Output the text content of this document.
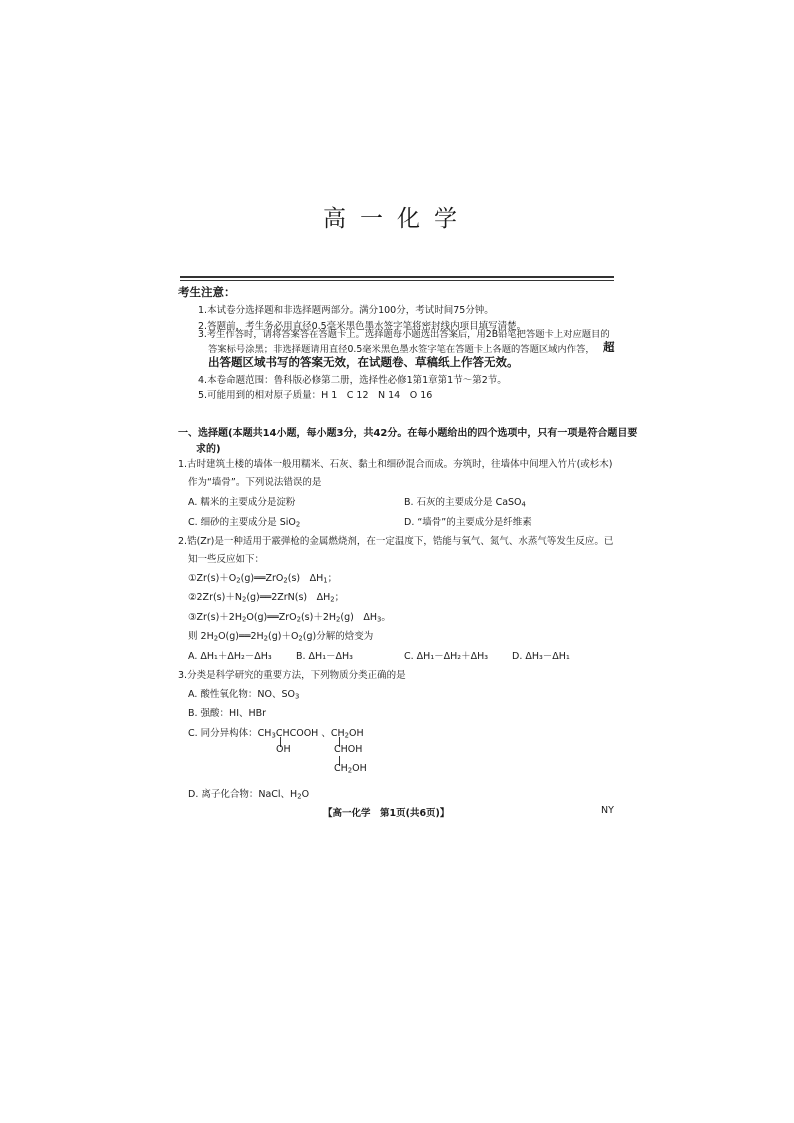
高一化学
考生注意：
1.本试卷分选择题和非选择题两部分。满分100分，考试时间75分钟。
2.答题前，考生务必用直径0.5毫米黑色墨水签字笔将密封线内项目填写清楚。
3.考生作答时，请将答案答在答题卡上。选择题每小题选出答案后，用2B铅笔把答题卡上对应题目的
答案标号涂黑；非选择题请用直径0.5毫米黑色墨水签字笔在答题卡上各题的答题区域内作答， 超
出答题区域书写的答案无效，在试题卷、草稿纸上作答无效。
4.本卷命题范围：鲁科版必修第二册，选择性必修1第1章第1节～第2节。
5.可能用到的相对原子质量：H 1　C 12　N 14　O 16
一、选择题(本题共14小题，每小题3分，共42分。在每小题给出的四个选项中，只有一项是符合题目要
求的)
1.古时建筑土楼的墙体一般用糯米、石灰、黏土和细砂混合而成。夯筑时，往墙体中间埋入竹片(或杉木)
作为“墙骨”。下列说法错误的是
A. 糯米的主要成分是淀粉	B. 石灰的主要成分是 CaSO$_4$
C. 细砂的主要成分是 SiO$_2$	D. “墙骨”的主要成分是纤维素
2.锆(Zr)是一种适用于霰弹枪的金属燃烧剂，在一定温度下，锆能与氧气、氮气、水蒸气等发生反应。已
知一些反应如下：
$①Zr(s)+O_2(g)══ZrO_2(s)$　$\Delta H_1$；
$②2Zr(s)+N_2(g)══2ZrN(s)$　$\Delta H_2$；
$③Zr(s)+2H_2O(g)══ZrO_2(s)+2H_2(g)$　$\Delta H_3$。
则 $2H_2O(g)══2H_2(g)+O_2(g)$分解的焓变为
A. ΔH₁＋ΔH₂－ΔH₃	B. ΔH₁－ΔH₃	C. ΔH₁－ΔH₂＋ΔH₃	D. ΔH₃－ΔH₁
3.分类是科学研究的重要方法，下列物质分类正确的是
A. 酸性氧化物：NO、$SO_3$
B. 强酸：HI、HBr
C. 同分异构体：$CH_3CHCOOH$ 、$CH_2OH$
OH	CHOH
$CH_2OH$
D. 离子化合物：NaCl、$H_2O$
【高一化学　第1页(共6页)】	NY
